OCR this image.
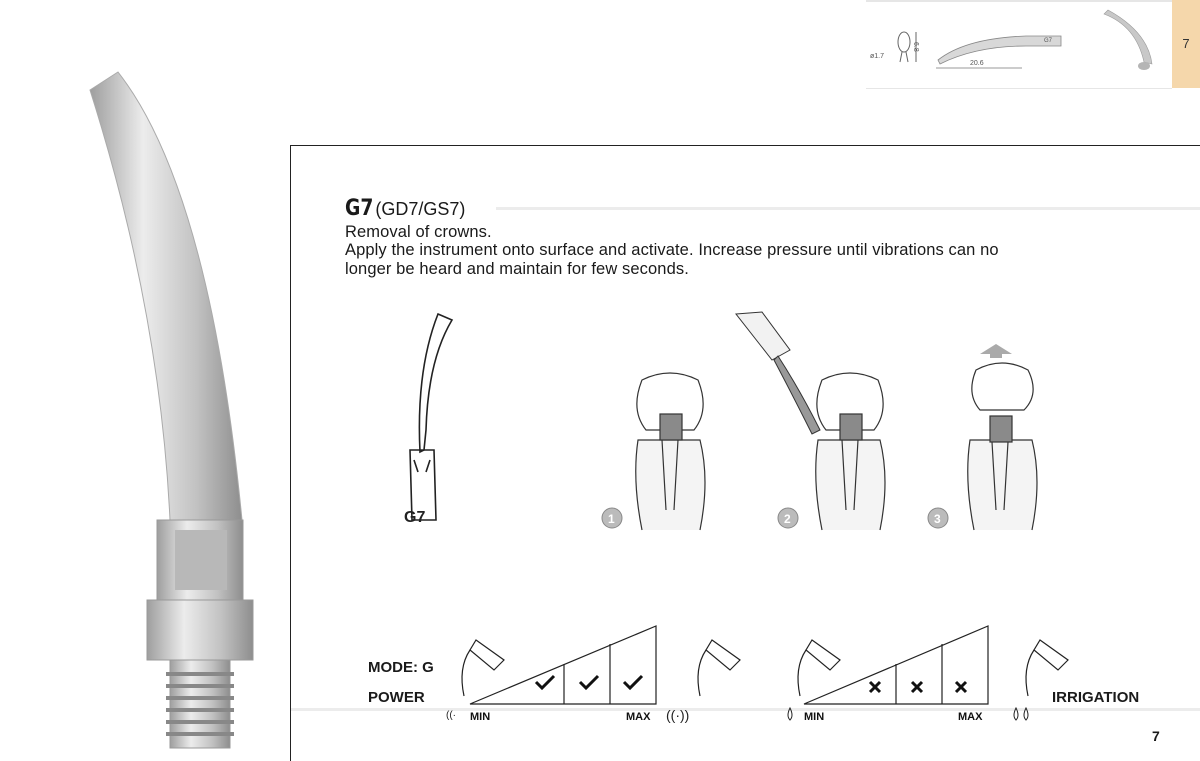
ø1.7
6.8
20.6
G7	7
G7 (GD7/GS7)
Removal of crowns.
Apply the instrument onto surface and activate. Increase pressure until vibrations can no
longer be heard and maintain for few seconds.
G7	1	2	3
MODE: G
POWER
((·	((·))
MIN	MAX	MIN	MAX
IRRIGATION
7
